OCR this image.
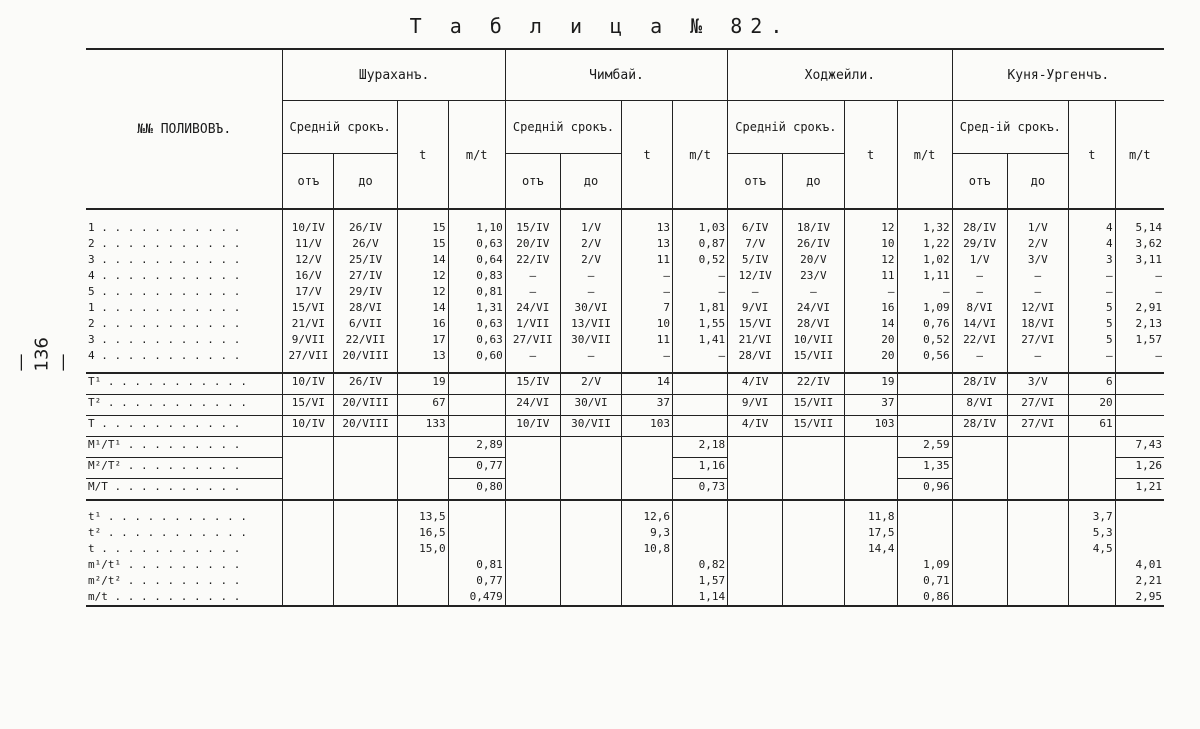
Т а б л и ц а № 82.
— 136 —
№№ ПОЛИВОВЪ.	Шураханъ.				Чимбай.				Ходжейли.				Куня-Ургенчъ.			
	Среднiй срокъ.		t	m/t	Среднiй срокъ.		t	m/t	Среднiй срокъ.		t	m/t	Сред-iй срокъ.		t	m/t
	отъ	до			отъ	до			отъ	до			отъ	до		
1 . . . . . . . . . . .	10/IV	26/IV	15	1,10	15/IV	1/V	13	1,03	6/IV	18/IV	12	1,32	28/IV	1/V	4	5,14
2 . . . . . . . . . . .	11/V	26/V	15	0,63	20/IV	2/V	13	0,87	7/V	26/IV	10	1,22	29/IV	2/V	4	3,62
3 . . . . . . . . . . .	12/V	25/IV	14	0,64	22/IV	2/V	11	0,52	5/IV	20/V	12	1,02	1/V	3/V	3	3,11
4 . . . . . . . . . . .	16/V	27/IV	12	0,83	—	—	—	—	12/IV	23/V	11	1,11	—	—	—	—
5 . . . . . . . . . . .	17/V	29/IV	12	0,81	—	—	—	—	—	—	—	—	—	—	—	—
1 . . . . . . . . . . .	15/VI	28/VI	14	1,31	24/VI	30/VI	7	1,81	9/VI	24/VI	16	1,09	8/VI	12/VI	5	2,91
2 . . . . . . . . . . .	21/VI	6/VII	16	0,63	1/VII	13/VII	10	1,55	15/VI	28/VI	14	0,76	14/VI	18/VI	5	2,13
3 . . . . . . . . . . .	9/VII	22/VII	17	0,63	27/VII	30/VII	11	1,41	21/VI	10/VII	20	0,52	22/VI	27/VI	5	1,57
4 . . . . . . . . . . .	27/VII	20/VIII	13	0,60	—	—	—	—	28/VI	15/VII	20	0,56	—	—	—	—
T¹ . . . . . . . . . . .	10/IV	26/IV	19		15/IV	2/V	14		4/IV	22/IV	19		28/IV	3/V	6	
T² . . . . . . . . . . .	15/VI	20/VIII	67		24/VI	30/VI	37		9/VI	15/VII	37		8/VI	27/VI	20	
T . . . . . . . . . . .	10/IV	20/VIII	133		10/IV	30/VII	103		4/IV	15/VII	103		28/IV	27/VI	61	
M¹/T¹ . . . . . . . . .				2,89				2,18				2,59				7,43
M²/T² . . . . . . . . .				0,77				1,16				1,35				1,26
M/T . . . . . . . . . .				0,80				0,73				0,96				1,21

t¹ . . . . . . . . . . .			13,5				12,6				11,8				3,7	
t² . . . . . . . . . . .			16,5				9,3				17,5				5,3	
t . . . . . . . . . . .			15,0				10,8				14,4				4,5	
m¹/t¹ . . . . . . . . .				0,81				0,82				1,09				4,01
m²/t² . . . . . . . . .				0,77				1,57				0,71				2,21
m/t . . . . . . . . . .				0,479				1,14				0,86				2,95
